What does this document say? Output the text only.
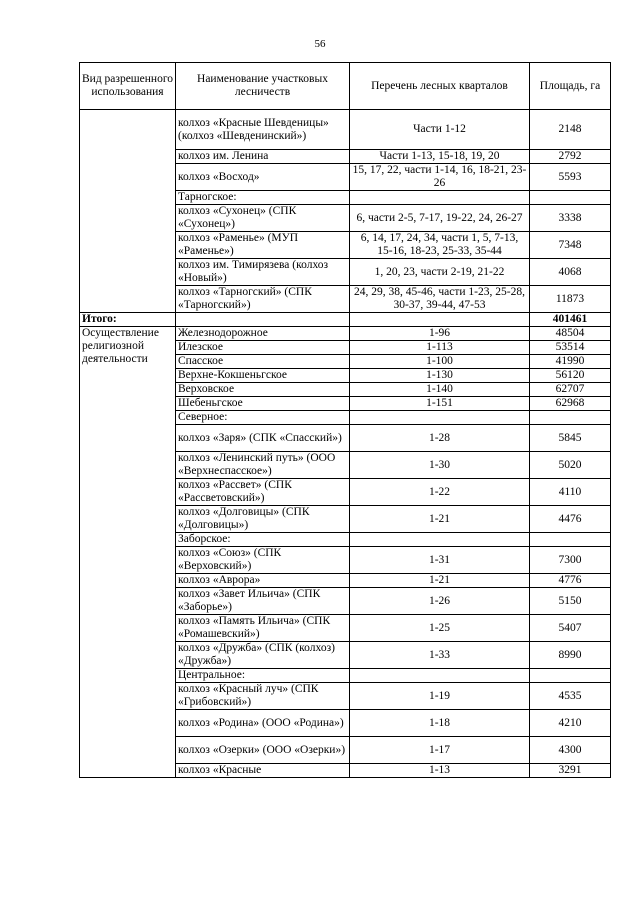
56
Вид разрешенного использования	Наименование участковых лесничеств	Перечень лесных кварталов	Площадь, га
	колхоз «Красные Шевденицы» (колхоз «Шевденинский»)	Части 1-12	2148
	колхоз им. Ленина	Части 1-13, 15-18, 19, 20	2792
	колхоз «Восход»	15, 17, 22, части 1-14, 16, 18-21, 23-26	5593
	Тарногское:		
	колхоз «Сухонец» (СПК «Сухонец»)	6, части 2-5, 7-17, 19-22, 24, 26-27	3338
	колхоз «Раменье» (МУП «Раменье»)	6, 14, 17, 24, 34, части 1, 5, 7-13, 15-16, 18-23, 25-33, 35-44	7348
	колхоз им. Тимирязева (колхоз «Новый»)	1, 20, 23, части 2-19, 21-22	4068
	колхоз «Тарногский» (СПК «Тарногский»)	24, 29, 38, 45-46, части 1-23, 25-28, 30-37, 39-44, 47-53	11873
Итого:			401461
Осуществление религиозной деятельности	Железнодорожное	1-96	48504
	Илезское	1-113	53514
	Спасское	1-100	41990
	Верхне-Кокшеньгское	1-130	56120
	Верховское	1-140	62707
	Шебеньгское	1-151	62968
	Северное:		
	колхоз «Заря» (СПК «Спасский»)	1-28	5845
	колхоз «Ленинский путь» (ООО «Верхнеспасское»)	1-30	5020
	колхоз «Рассвет» (СПК «Рассветовский»)	1-22	4110
	колхоз «Долговицы» (СПК «Долговицы»)	1-21	4476
	Заборское:		
	колхоз «Союз» (СПК «Верховский»)	1-31	7300
	колхоз «Аврора»	1-21	4776
	колхоз «Завет Ильича» (СПК «Заборье»)	1-26	5150
	колхоз «Память Ильича» (СПК «Ромашевский»)	1-25	5407
	колхоз «Дружба» (СПК (колхоз) «Дружба»)	1-33	8990
	Центральное:		
	колхоз «Красный луч» (СПК «Грибовский»)	1-19	4535
	колхоз «Родина» (ООО «Родина»)	1-18	4210
	колхоз «Озерки» (ООО «Озерки»)	1-17	4300
	колхоз «Красные	1-13	3291
